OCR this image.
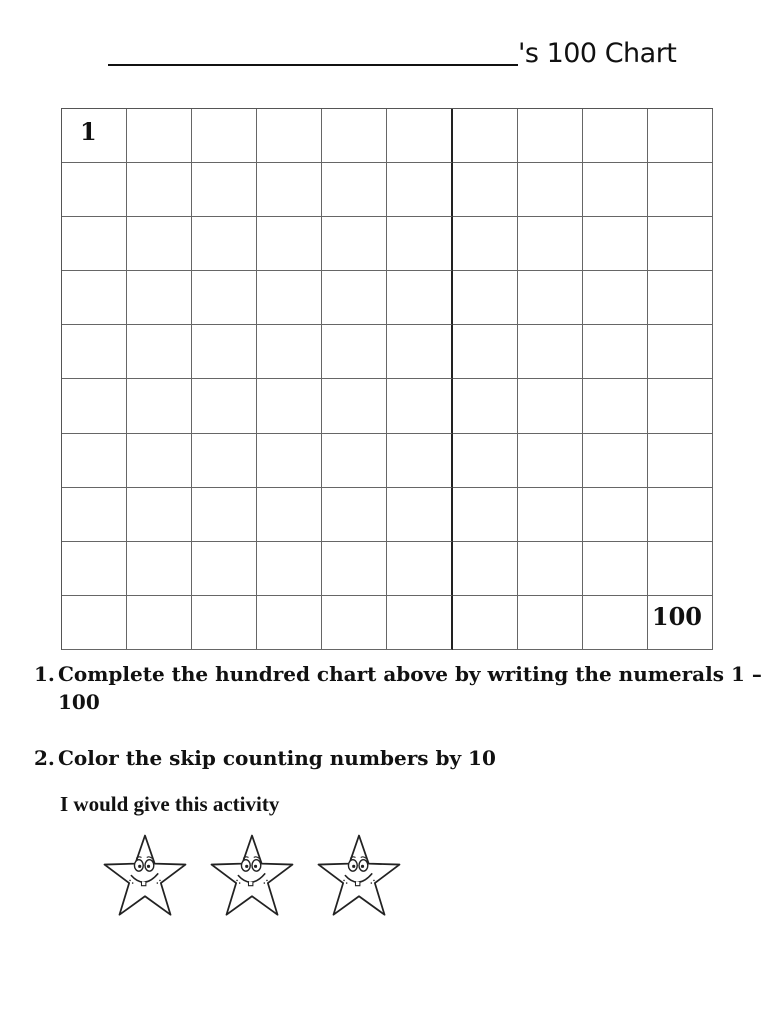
's 100 Chart
1
100
1. Complete the hundred chart above by writing the numerals 1 – 100
2. Color the skip counting numbers by 10
I would give this activity
